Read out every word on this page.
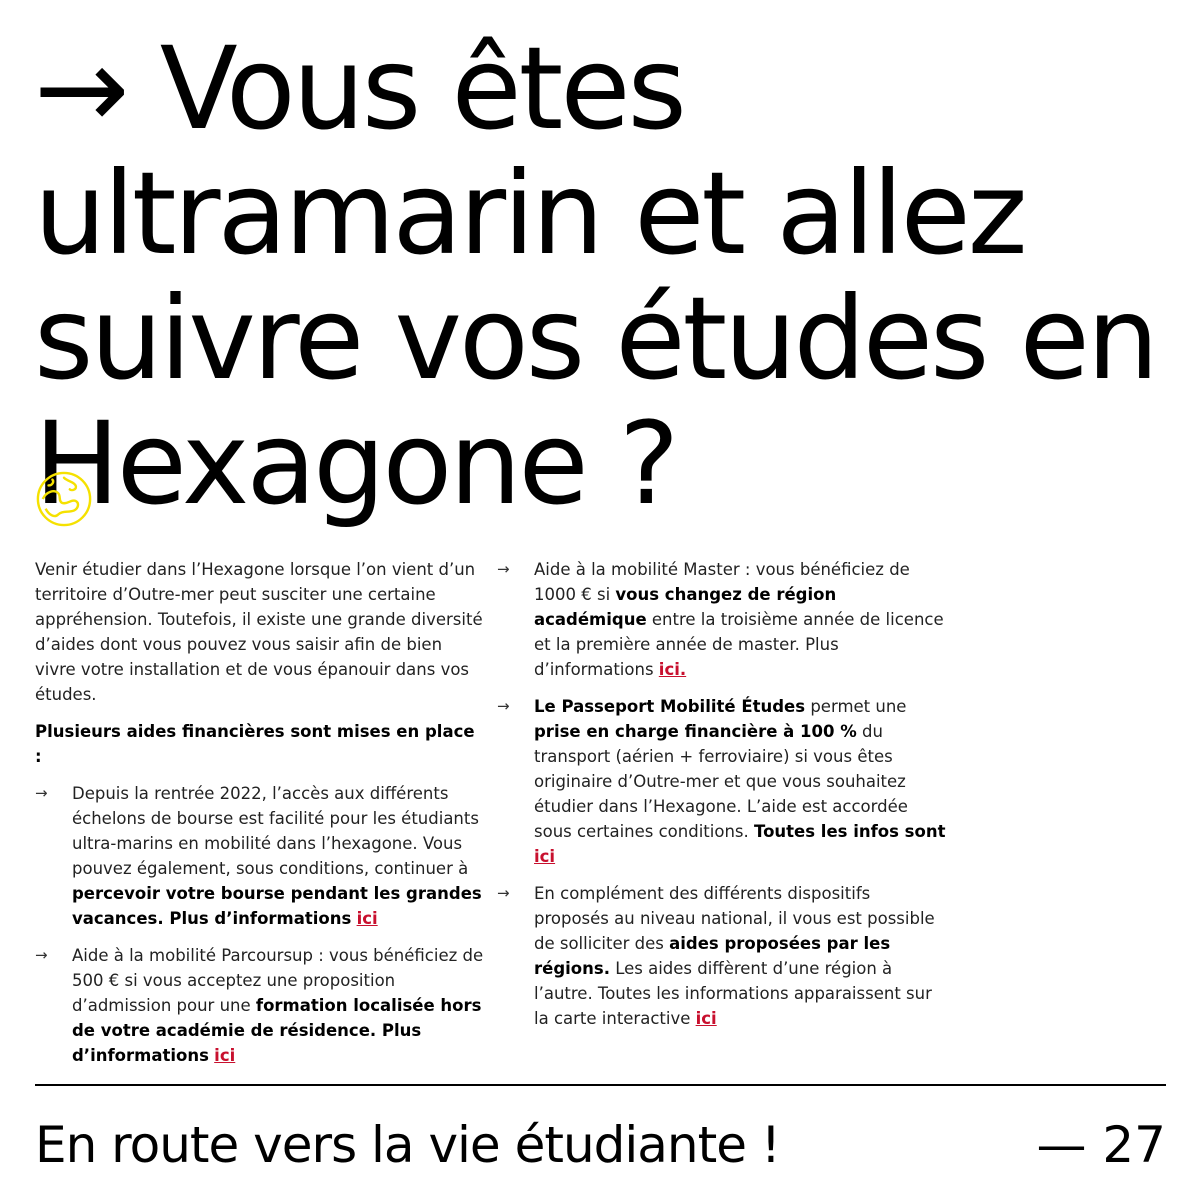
→ Vous êtes ultramarin et allez suivre vos études en Hexagone ?

Venir étudier dans l’Hexagone lorsque l’on vient d’un territoire d’Outre-mer peut susciter une certaine appréhension. Toutefois, il existe une grande diversité d’aides dont vous pouvez vous saisir afin de bien vivre votre installation et de vous épanouir dans vos études.

Plusieurs aides financières sont mises en place :

→ Depuis la rentrée 2022, l’accès aux différents échelons de bourse est facilité pour les étudiants ultra-marins en mobilité dans l’hexagone. Vous pouvez également, sous conditions, continuer à percevoir votre bourse pendant les grandes vacances. Plus d’informations ici
→ Aide à la mobilité Parcoursup : vous bénéficiez de 500 € si vous acceptez une proposition d’admission pour une formation localisée hors de votre académie de résidence. Plus d’informations ici
→ Aide à la mobilité Master : vous bénéficiez de 1000 € si vous changez de région académique entre la troisième année de licence et la première année de master. Plus d’informations ici.
→ Le Passeport Mobilité Études permet une prise en charge financière à 100 % du transport (aérien + ferroviaire) si vous êtes originaire d’Outre-mer et que vous souhaitez étudier dans l’Hexagone. L’aide est accordée sous certaines conditions. Toutes les infos sont ici
→ En complément des différents dispositifs proposés au niveau national, il vous est possible de solliciter des aides proposées par les régions. Les aides diffèrent d’une région à l’autre. Toutes les informations apparaissent sur la carte interactive ici

En route vers la vie étudiante !	— 27
